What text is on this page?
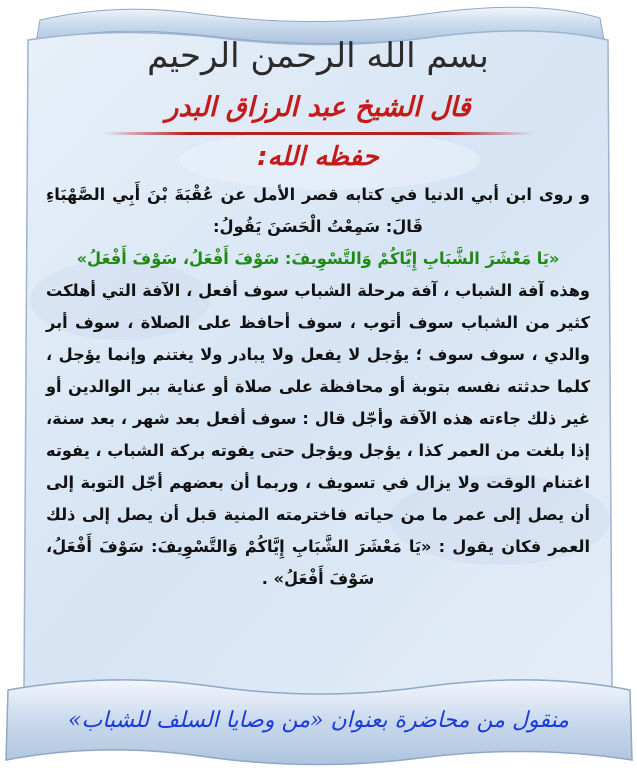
بسم الله الرحمن الرحيم
قال الشيخ عبد الرزاق البدر
حفظه الله:

و روى ابن أبي الدنيا في كتابه قصر الأمل عن عُقْبَةَ بْنَ أَبِي الصَّهْبَاءِ قَالَ: سَمِعْتُ الْحَسَنَ يَقُولُ:

«يَا مَعْشَرَ الشَّبَابِ إِيَّاكُمْ وَالتَّسْوِيفَ: سَوْفَ أَفْعَلُ، سَوْفَ أَفْعَلُ»

وهذه آفة الشباب ، آفة مرحلة الشباب سوف أفعل ، الآفة التي أهلكت كثير من الشباب سوف أتوب ، سوف أحافظ على الصلاة ، سوف أبر والدي ، سوف سوف ؛ يؤجل لا يفعل ولا يبادر ولا يغتنم وإنما يؤجل ، كلما حدثته نفسه بتوبة أو محافظة على صلاة أو عناية ببر الوالدين أو غير ذلك جاءته هذه الآفة وأجّل قال : سوف أفعل بعد شهر ، بعد سنة، إذا بلغت من العمر كذا ، يؤجل ويؤجل حتى يفوته بركة الشباب ، يفوته اغتنام الوقت ولا يزال في تسويف ، وربما أن بعضهم أجّل التوبة إلى أن يصل إلى عمر ما من حياته فاخترمته المنية قبل أن يصل إلى ذلك العمر فكان يقول : «يَا مَعْشَرَ الشَّبَابِ إِيَّاكُمْ وَالتَّسْوِيفَ: سَوْفَ أَفْعَلُ، سَوْفَ أَفْعَلُ» .

منقول من محاضرة بعنوان «من وصايا السلف للشباب»
